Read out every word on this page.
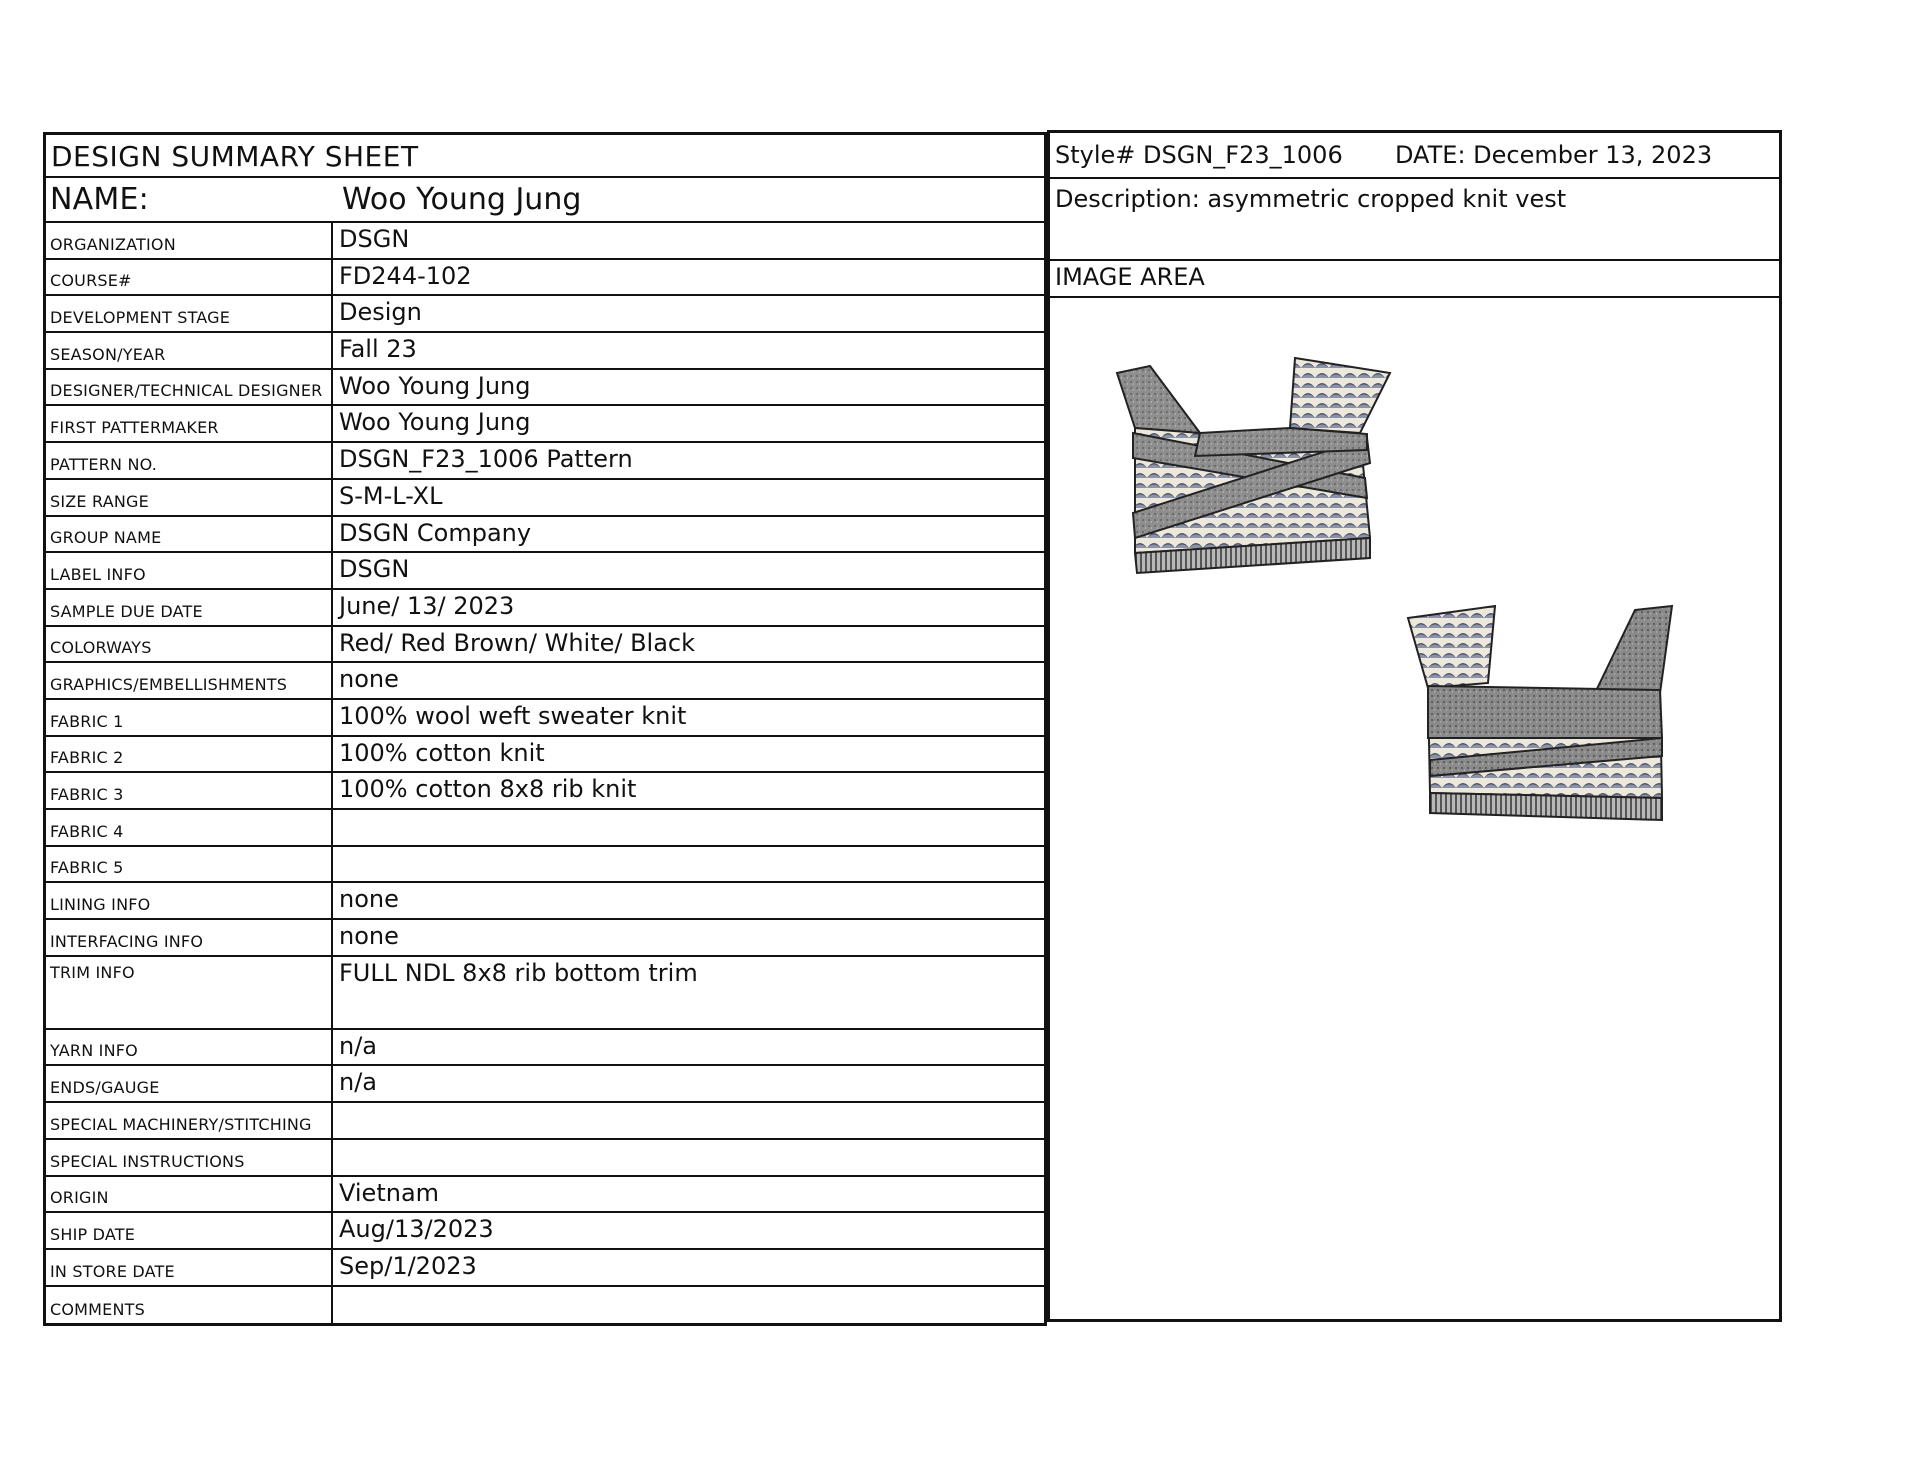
DESIGN SUMMARY SHEET
NAME:	Woo Young Jung
ORGANIZATION	DSGN
COURSE#	FD244-102
DEVELOPMENT STAGE	Design
SEASON/YEAR	Fall 23
DESIGNER/TECHNICAL DESIGNER Woo Young Jung
FIRST PATTERMAKER	Woo Young Jung
PATTERN NO.	DSGN_F23_1006 Pattern
SIZE RANGE	S-M-L-XL
GROUP NAME	DSGN Company
LABEL INFO	DSGN
SAMPLE DUE DATE	June/ 13/ 2023
COLORWAYS	Red/ Red Brown/ White/ Black
GRAPHICS/EMBELLISHMENTS	none
FABRIC 1	100% wool weft sweater knit
FABRIC 2	100% cotton knit
FABRIC 3	100% cotton 8x8 rib knit
FABRIC 4
FABRIC 5
LINING INFO	none
INTERFACING INFO	none
TRIM INFO	FULL NDL 8x8 rib bottom trim
YARN INFO	n/a
ENDS/GAUGE	n/a
SPECIAL MACHINERY/STITCHING
SPECIAL INSTRUCTIONS
ORIGIN	Vietnam
SHIP DATE	Aug/13/2023
IN STORE DATE	Sep/1/2023
COMMENTS
Style# DSGN_F23_1006	DATE: December 13, 2023
Description: asymmetric cropped knit vest
IMAGE AREA
